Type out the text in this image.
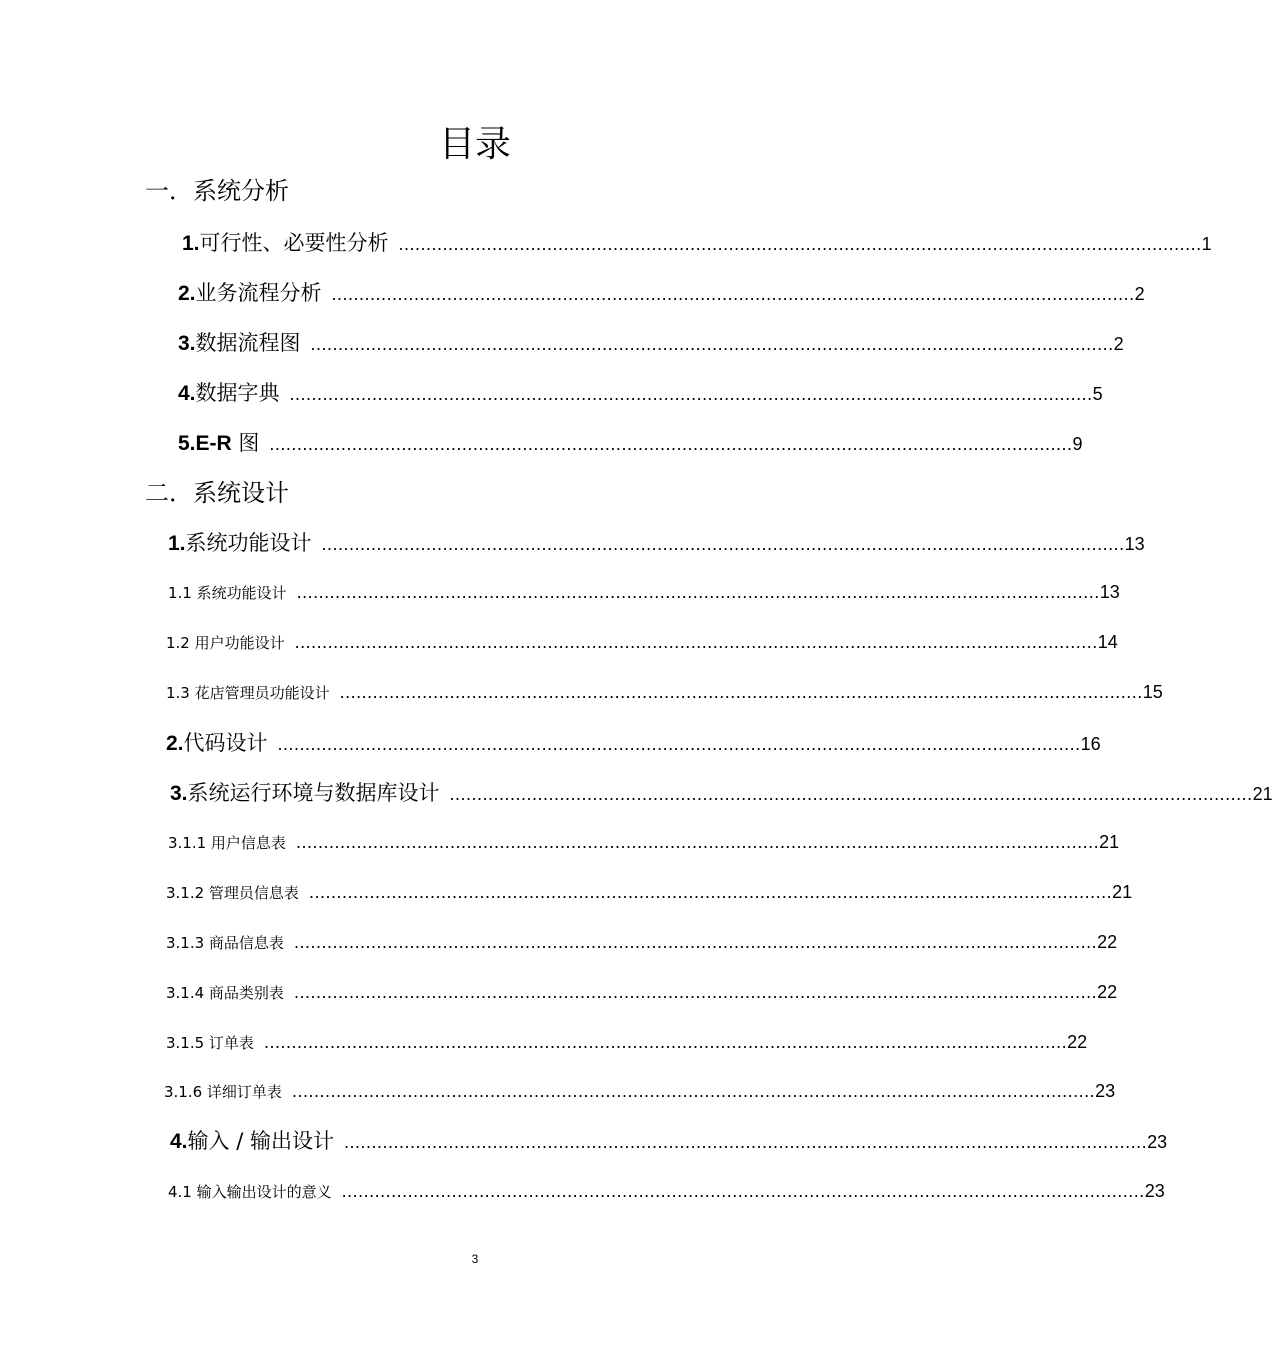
目录
一．系统分析
1.可行性、必要性分析 .................................................................................................................................................. 1
2.业务流程分析 .................................................................................................................................................. 2
3.数据流程图 .................................................................................................................................................. 2
4.数据字典 .................................................................................................................................................. 5
5.E-R 图 .................................................................................................................................................. 9
二．系统设计
1.系统功能设计 .................................................................................................................................................. 13
1.1 系统功能设计 .................................................................................................................................................. 13
1.2 用户功能设计 .................................................................................................................................................. 14
1.3 花店管理员功能设计 .................................................................................................................................................. 15
2.代码设计 .................................................................................................................................................. 16
3.系统运行环境与数据库设计 .................................................................................................................................................. 21
3.1.1 用户信息表 .................................................................................................................................................. 21
3.1.2 管理员信息表 .................................................................................................................................................. 21
3.1.3 商品信息表 .................................................................................................................................................. 22
3.1.4 商品类别表 .................................................................................................................................................. 22
3.1.5 订单表 .................................................................................................................................................. 22
3.1.6 详细订单表 .................................................................................................................................................. 23
4.输入 / 输出设计 .................................................................................................................................................. 23
4.1 输入输出设计的意义 .................................................................................................................................................. 23
3
